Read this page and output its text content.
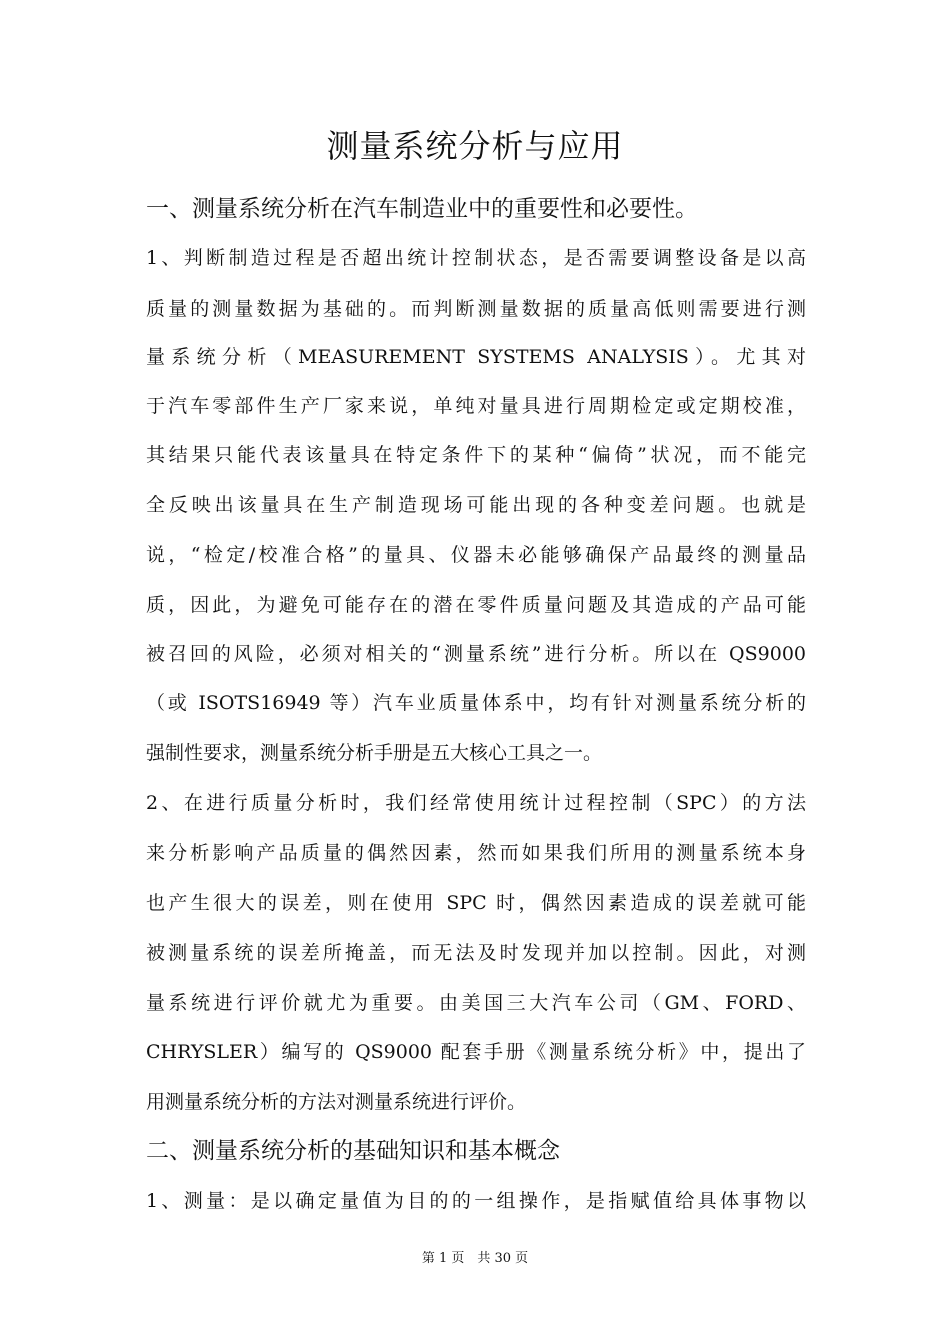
测量系统分析与应用
一、测量系统分析在汽车制造业中的重要性和必要性。
1、判断制造过程是否超出统计控制状态，是否需要调整设备是以高
质量的测量数据为基础的。而判断测量数据的质量高低则需要进行测
量系统分析（MEASUREMENT SYSTEMS ANALYSIS）。尤其对
于汽车零部件生产厂家来说，单纯对量具进行周期检定或定期校准，
其结果只能代表该量具在特定条件下的某种“偏倚”状况，而不能完
全反映出该量具在生产制造现场可能出现的各种变差问题。也就是
说，“检定/校准合格”的量具、仪器未必能够确保产品最终的测量品
质，因此，为避免可能存在的潜在零件质量问题及其造成的产品可能
被召回的风险，必须对相关的“测量系统”进行分析。所以在 QS9000
（或 ISOTS16949 等）汽车业质量体系中，均有针对测量系统分析的
强制性要求，测量系统分析手册是五大核心工具之一。
2、在进行质量分析时，我们经常使用统计过程控制（SPC）的方法
来分析影响产品质量的偶然因素，然而如果我们所用的测量系统本身
也产生很大的误差，则在使用 SPC 时，偶然因素造成的误差就可能
被测量系统的误差所掩盖，而无法及时发现并加以控制。因此，对测
量系统进行评价就尤为重要。由美国三大汽车公司（GM、FORD、
CHRYSLER）编写的 QS9000 配套手册《测量系统分析》中，提出了
用测量系统分析的方法对测量系统进行评价。
二、测量系统分析的基础知识和基本概念
1、测量：是以确定量值为目的的一组操作，是指赋值给具体事物以
第 1 页　共 30 页
